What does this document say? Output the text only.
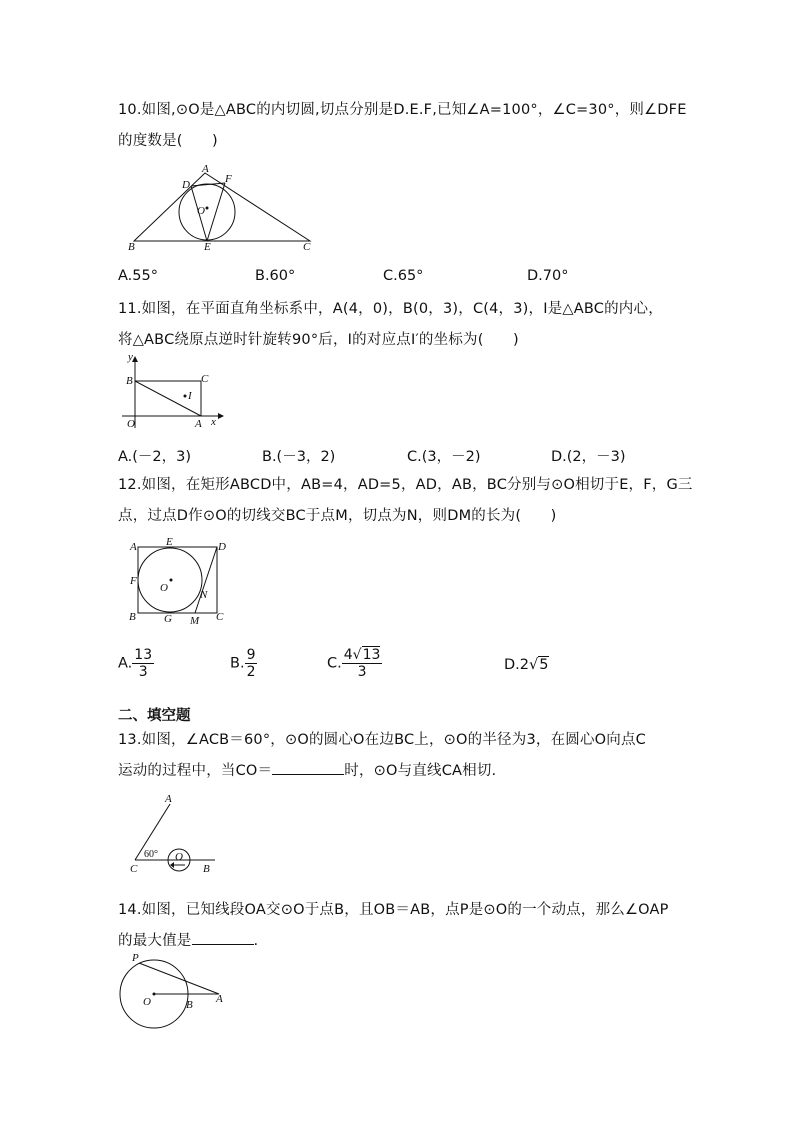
10.如图,⊙O是△ABC的内切圆,切点分别是D.E.F,已知∠A=100°，∠C=30°，则∠DFE
的度数是(　　)
A
B	C
D
E
F
O
A.55°	B.60°	C.65°	D.70°
11.如图，在平面直角坐标系中，A(4，0)，B(0，3)，C(4，3)，I是△ABC的内心，
将△ABC绕原点逆时针旋转90°后，I的对应点I′的坐标为(　　)
y
x
B	C
O	A
I
A.(－2，3)	B.(－3，2)	C.(3，－2)	D.(2，－3)
12.如图，在矩形ABCD中，AB=4，AD=5，AD，AB，BC分别与⊙O相切于E，F，G三
点，过点D作⊙O的切线交BC于点M，切点为N，则DM的长为(　　)
A	E	D
F
O
N
B	G M C
A. $\frac{13}{3}$	B. $\frac{9}{2}$	C. $\frac{4√13}{3}$	D.2√5
二、填空题
13.如图，∠ACB＝60°，⊙O的圆心O在边BC上，⊙O的半径为3，在圆心O向点C
运动的过程中，当CO＝	时，⊙O与直线CA相切.
A
C
60° O
B
14.如图，已知线段OA交⊙O于点B，且OB＝AB，点P是⊙O的一个动点，那么∠OAP
的最大值是	.
P
O	B A
